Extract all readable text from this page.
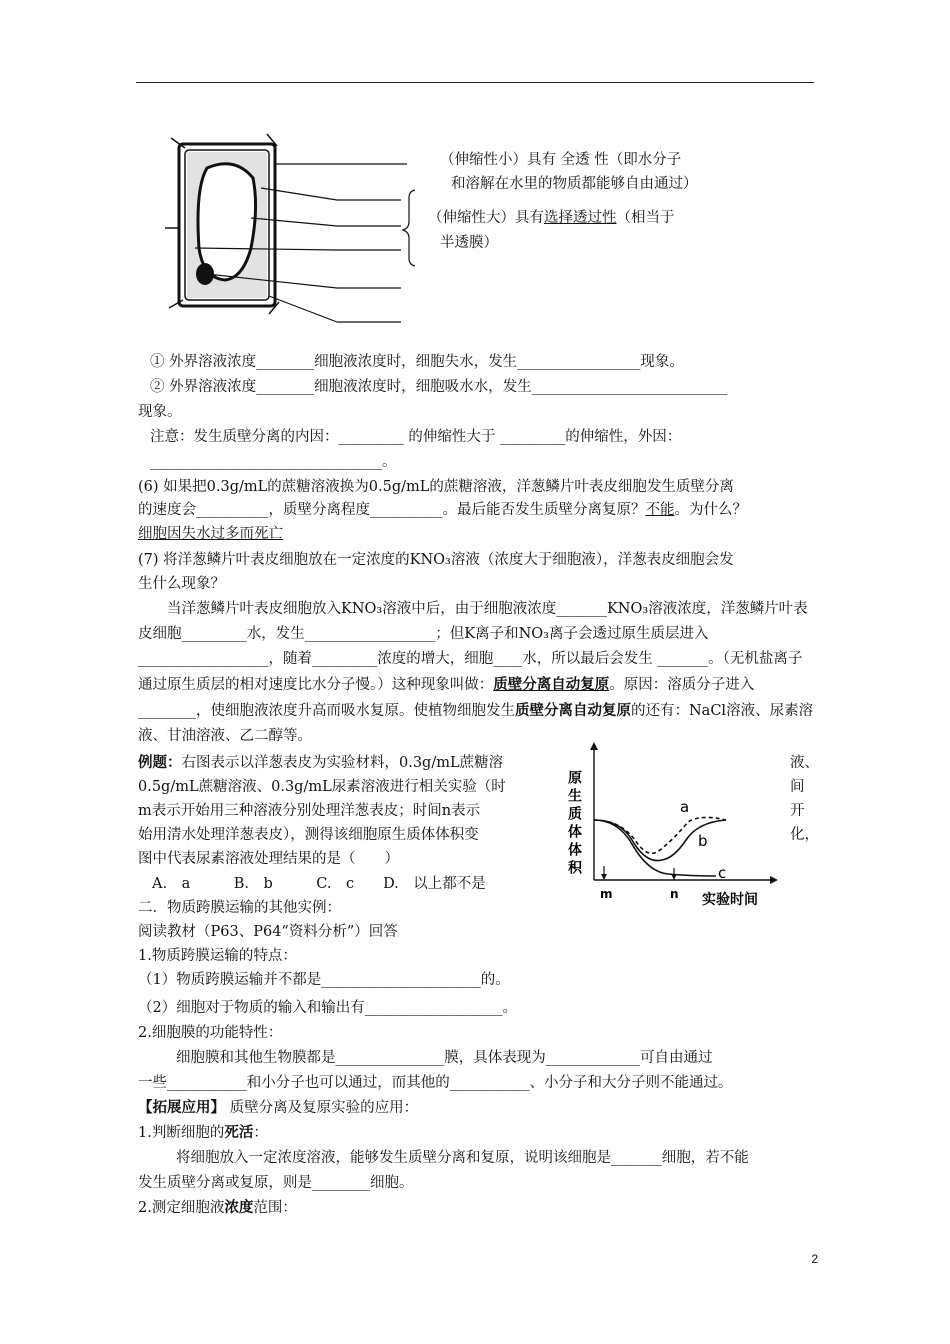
（伸缩性小）具有 全透 性（即水分子
和溶解在水里的物质都能够自由通过）
（伸缩性大）具有选择透过性（相当于
半透膜）
① 外界溶液浓度________细胞液浓度时，细胞失水，发生_________________现象。
② 外界溶液浓度________细胞液浓度时，细胞吸水水，发生___________________________
现象。
注意：发生质壁分离的内因：_________ 的伸缩性大于 _________的伸缩性，外因：
________________________________。
(6) 如果把0.3g/mL的蔗糖溶液换为0.5g/mL的蔗糖溶液，洋葱鳞片叶表皮细胞发生质壁分离
的速度会__________，质壁分离程度__________。最后能否发生质壁分离复原？不能。为什么？
细胞因失水过多而死亡
(7) 将洋葱鳞片叶表皮细胞放在一定浓度的KNO₃溶液（浓度大于细胞液），洋葱表皮细胞会发
生什么现象？
当洋葱鳞片叶表皮细胞放入KNO₃溶液中后，由于细胞液浓度_______KNO₃溶液浓度，洋葱鳞片叶表皮细胞_________水，发生__________________；但K离子和NO₃离子会透过原生质层进入__________________，随着_________浓度的增大，细胞____水，所以最后会发生 _______。（无机盐离子通过原生质层的相对速度比水分子慢。）这种现象叫做：质壁分离自动复原。原因：溶质分子进入________，使细胞液浓度升高而吸水复原。使植物细胞发生质壁分离自动复原的还有：NaCl溶液、尿素溶液、甘油溶液、乙二醇等。
例题：右图表示以洋葱表皮为实验材料，0.3g/mL蔗糖溶
0.5g/mL蔗糖溶液、0.3g/mL尿素溶液进行相关实验（时
m表示开始用三种溶液分别处理洋葱表皮；时间n表示
始用清水处理洋葱表皮），测得该细胞原生质体体积变
图中代表尿素溶液处理结果的是（　　）
液、
间
开
化，
A.　a　　　B.　b　　　C.　c　　D.　以上都不是
原生质体体积	a
b
c
m	n 实验时间
二．物质跨膜运输的其他实例：
阅读教材（P63、P64“资料分析”）回答
1.物质跨膜运输的特点：
（1）物质跨膜运输并不都是______________________的。
（2）细胞对于物质的输入和输出有___________________。
2.细胞膜的功能特性：
细胞膜和其他生物膜都是_______________膜，具体表现为_____________可自由通过
一些___________和小分子也可以通过，而其他的___________、小分子和大分子则不能通过。
【拓展应用】 质壁分离及复原实验的应用：
1.判断细胞的死活：
将细胞放入一定浓度溶液，能够发生质壁分离和复原，说明该细胞是_______细胞，若不能
发生质壁分离或复原，则是________细胞。
2.测定细胞液浓度范围：
2
